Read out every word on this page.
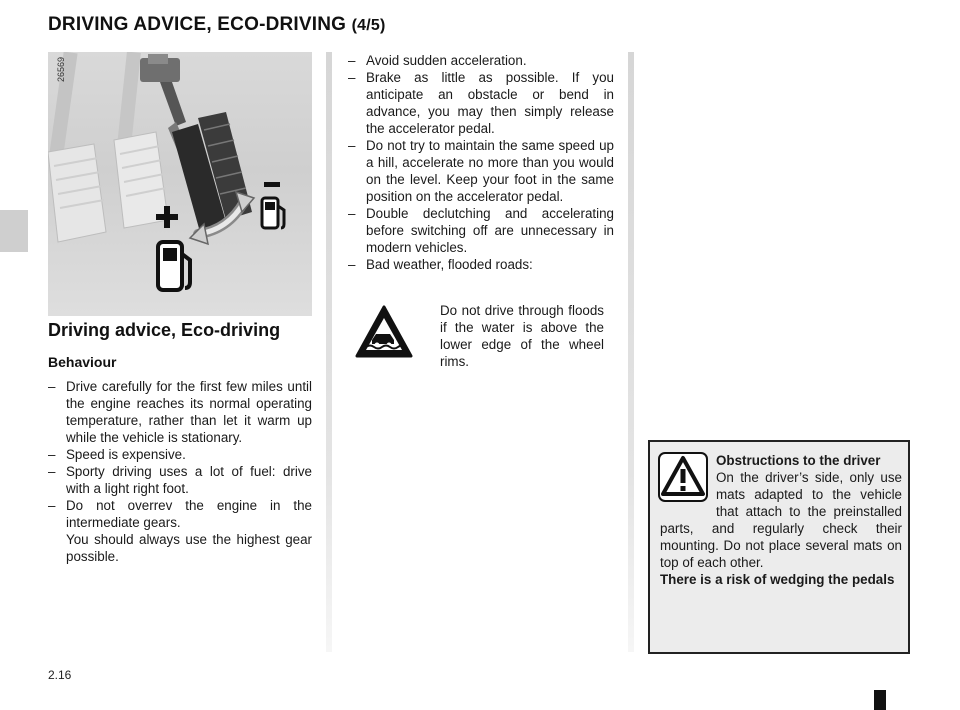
DRIVING ADVICE, ECO-DRIVING (4/5)
26569
Driving advice, Eco-driving
Behaviour
– Drive carefully for the first few miles until the engine reaches its normal operating temperature, rather than let it warm up while the vehicle is stationary.
– Speed is expensive.
– Sporty driving uses a lot of fuel: drive with a light right foot.
– Do not overrev the engine in the intermediate gears.
You should always use the highest gear possible.
– Avoid sudden acceleration.
– Brake as little as possible. If you anticipate an obstacle or bend in advance, you may then simply release the accelerator pedal.
– Do not try to maintain the same speed up a hill, accelerate no more than you would on the level. Keep your foot in the same position on the accelerator pedal.
– Double declutching and accelerating before switching off are unnecessary in modern vehicles.
– Bad weather, flooded roads:
Do not drive through floods if the water is above the lower edge of the wheel rims.
Obstructions to the driver
On the driver’s side, only use mats adapted to the vehicle that attach to the preinstalled parts, and regularly check their mounting. Do not place several mats on top of each other.
There is a risk of wedging the pedals
2.16
